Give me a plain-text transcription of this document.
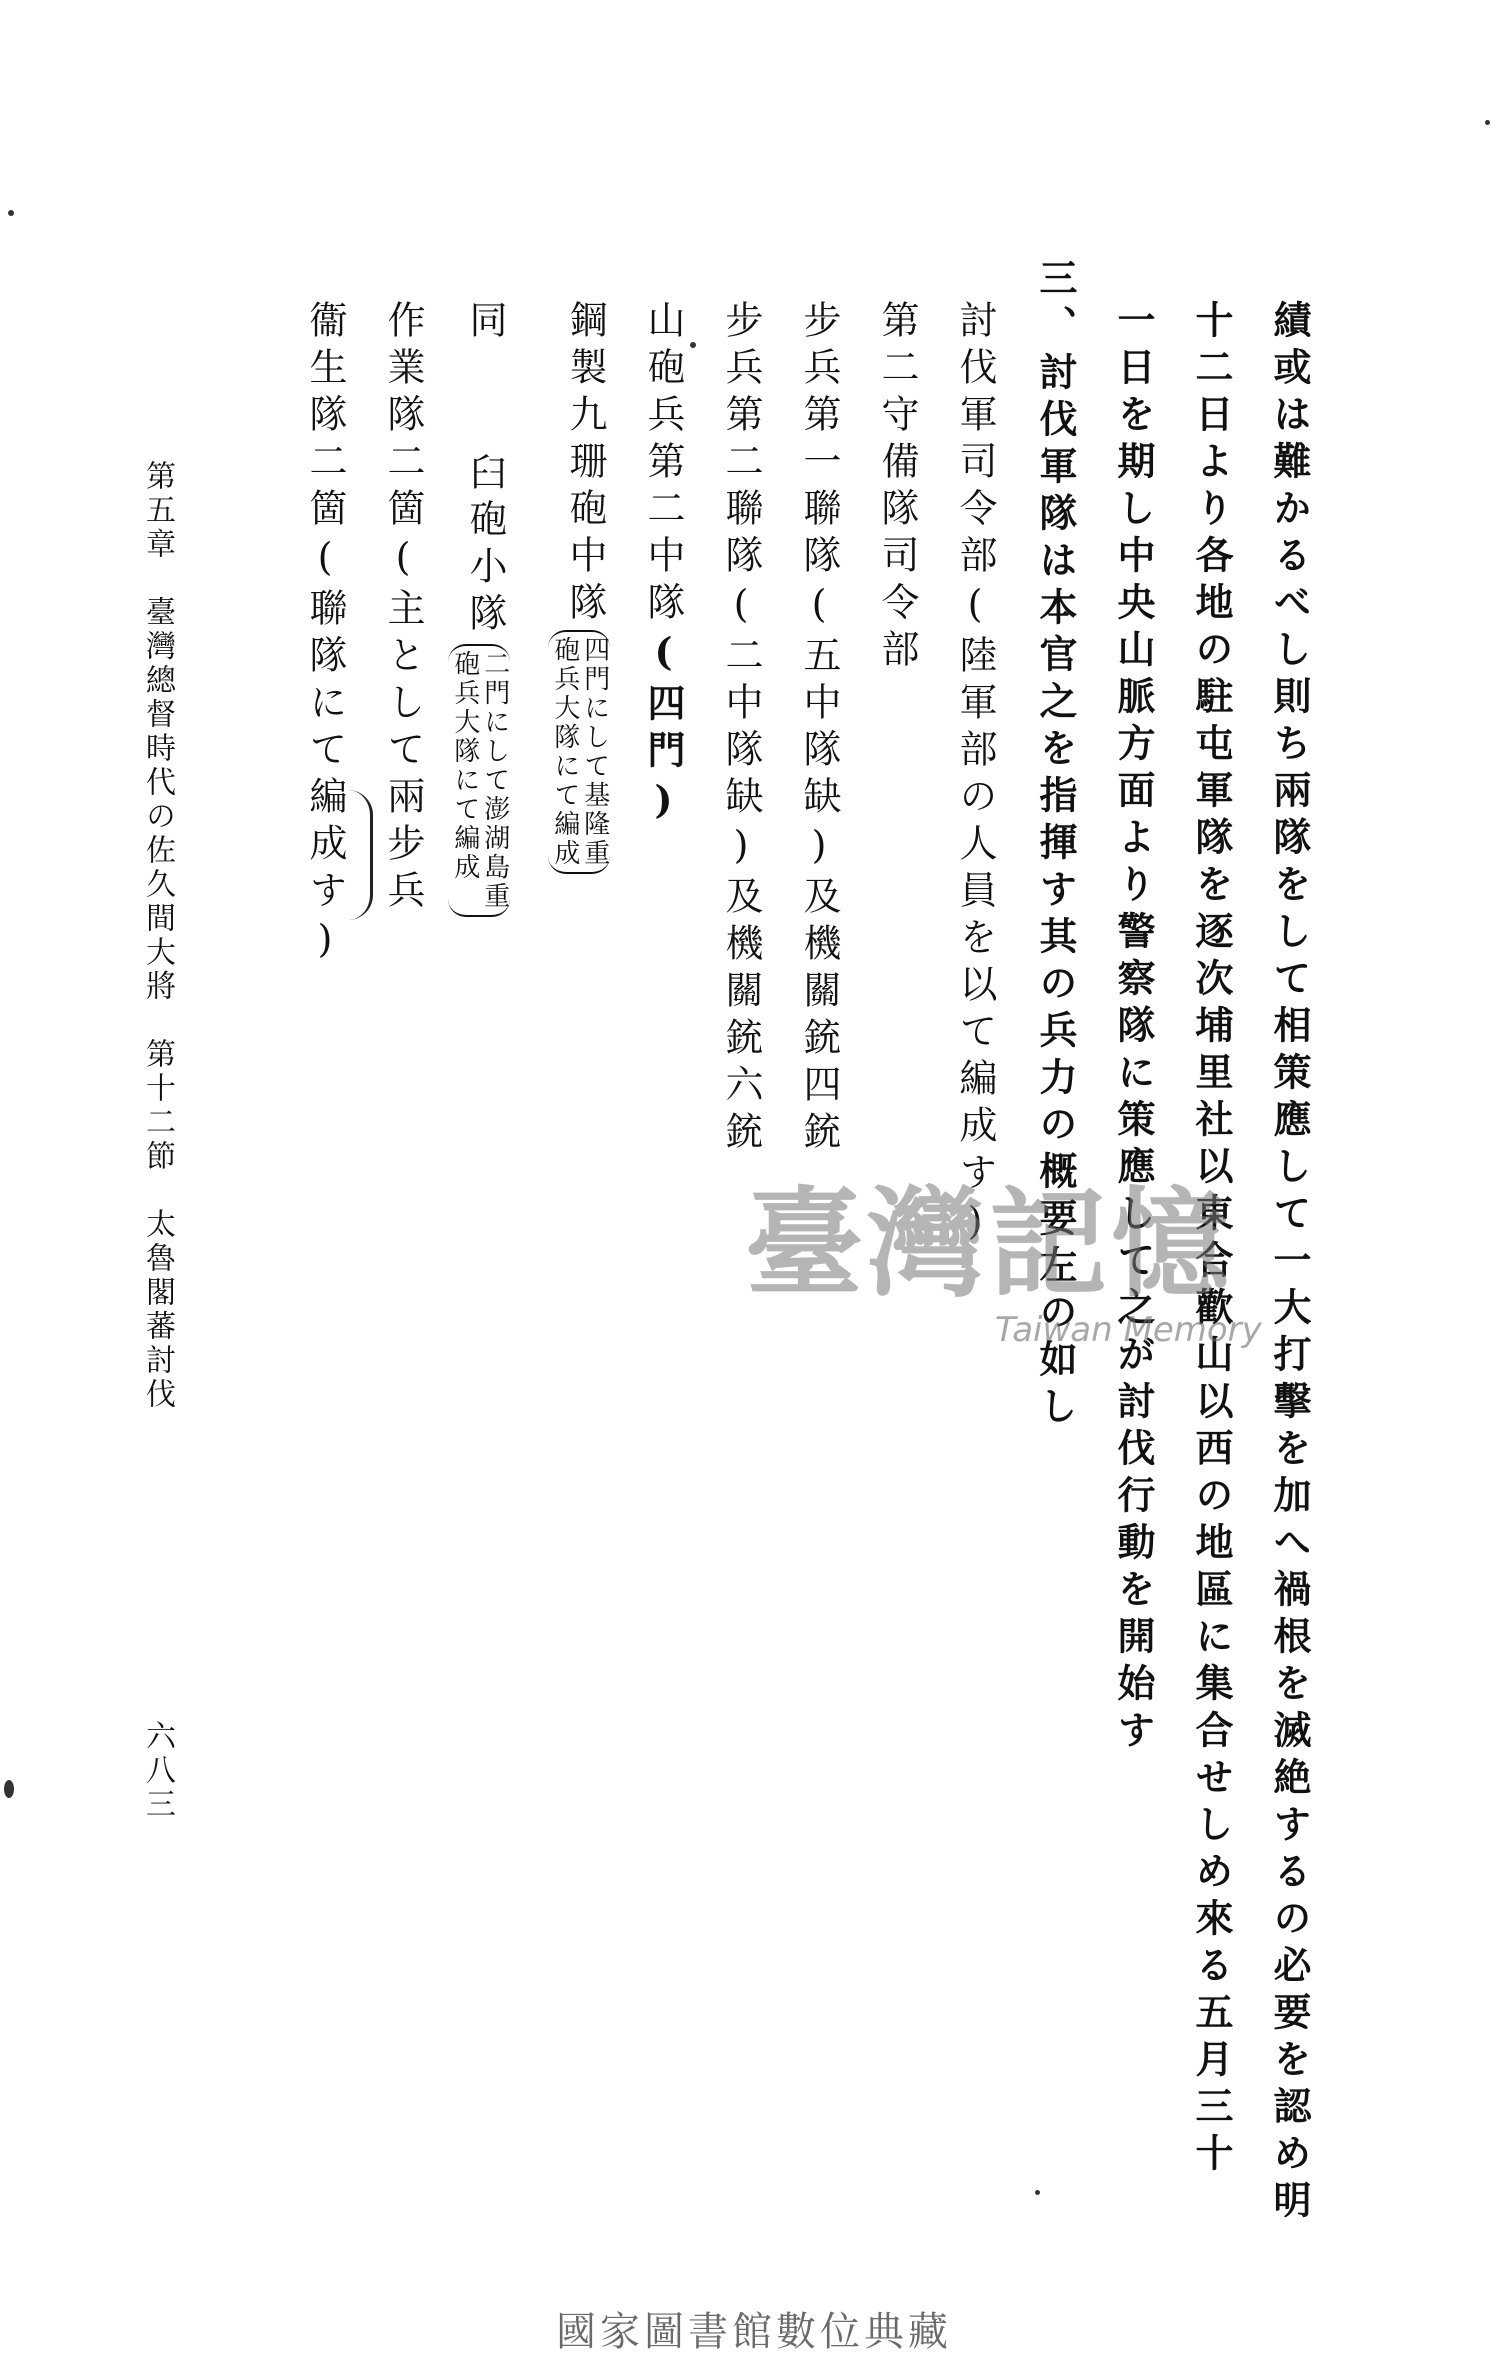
績或は難かるべし則ち兩隊をして相策應して一大打擊を加へ禍根を滅絶するの必要を認め明
十二日より各地の駐屯軍隊を逐次埔里社以東合歡山以西の地區に集合せしめ來る五月三十
一日を期し中央山脈方面より警察隊に策應して之が討伐行動を開始す
三、
討伐軍隊は本官之を指揮す其の兵力の概要左の如し
討伐軍司令部(陸軍部の人員を以て編成す)
第二守備隊司令部
步兵第一聯隊(五中隊缺)及機關銃四銃
步兵第二聯隊(二中隊缺)及機關銃六銃
山砲兵第二中隊(四門)
鋼製九珊砲中隊
四門にして基隆重
砲兵大隊にて編成
同
臼砲小隊
二門にして澎湖島重
砲兵大隊にて編成
作業隊二箇(主として兩步兵
衞生隊二箇(聯隊にて編成す)
第五章　臺灣總督時代の佐久間大將　第十二節　太魯閣蕃討伐
六八三
臺灣記憶
Taiwan Memory
國家圖書館數位典藏
